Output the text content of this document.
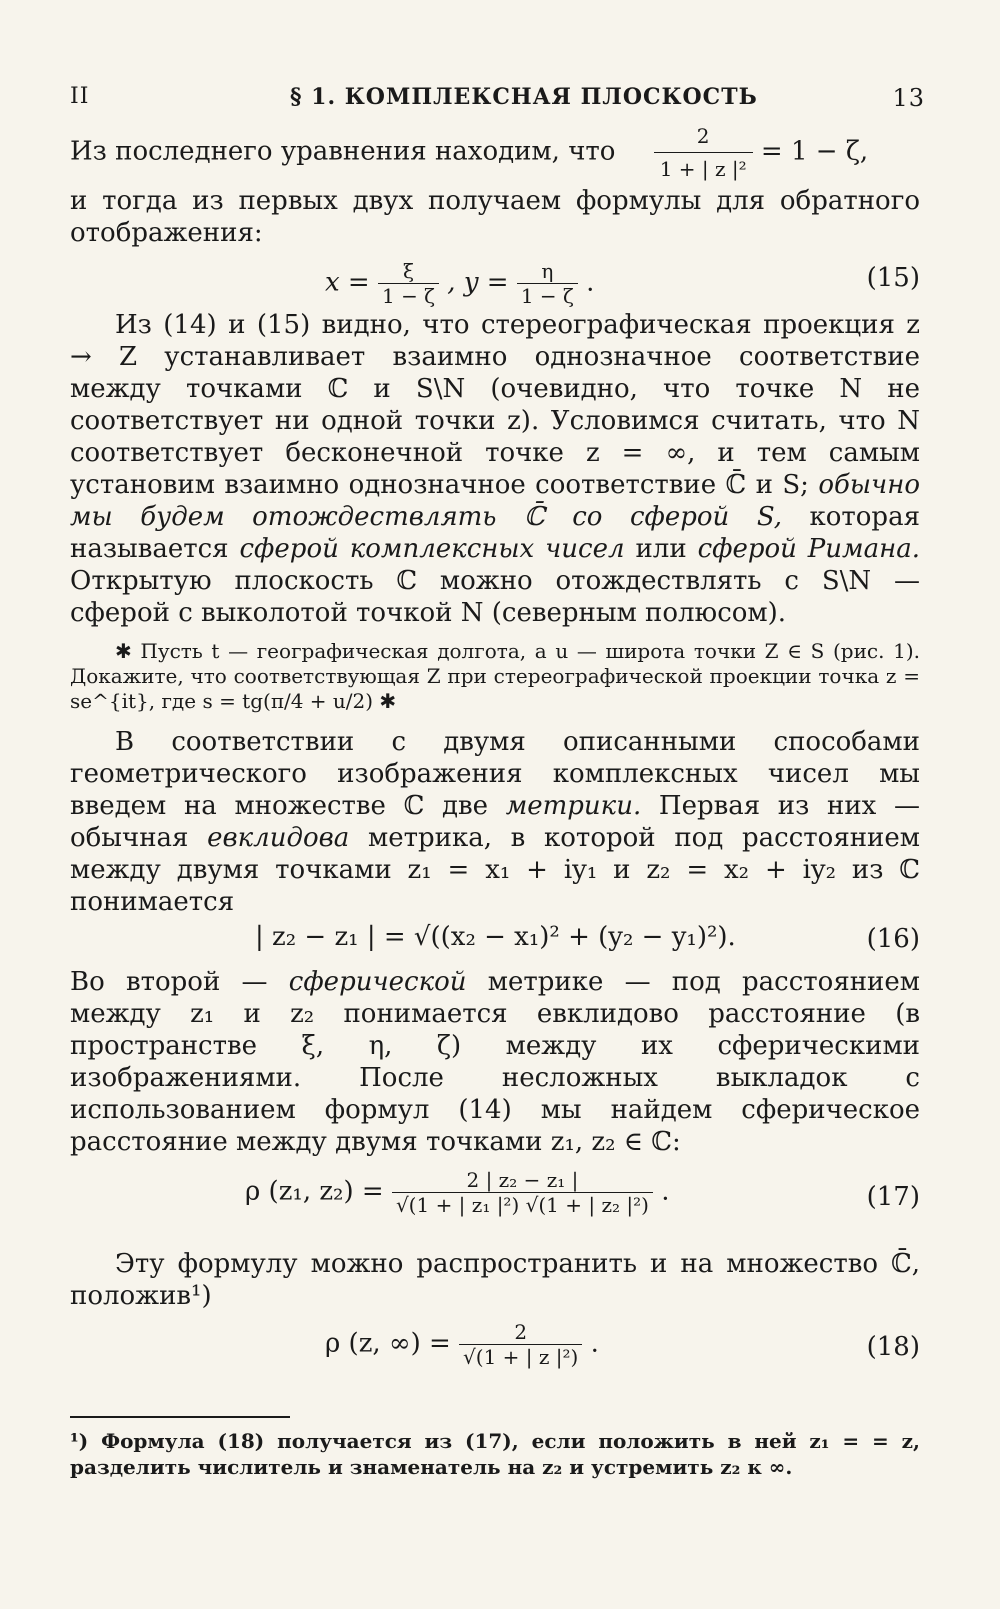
II	§ 1. КОМПЛЕКСНАЯ ПЛОСКОСТЬ	13

Из последнего уравнения находим, что $\frac{2}{\text{1 + | z |²}} = 1 - \zeta$,

и тогда из первых двух получаем формулы для обратного отображения:

$x = \frac{\xi}{1 - \zeta}$ , $y = \frac{\eta}{1 - \zeta}$ .	(15)

Из (14) и (15) видно, что стереографическая проекция z → Z устанавливает взаимно однозначное соответствие между точками ℂ и S\N (очевидно, что точке N не соответствует ни одной точки z). Условимся считать, что N соответствует бесконечной точке z = ∞, и тем самым установим взаимно однозначное соответствие ℂ̄ и S; обычно мы будем отождествлять ℂ̄ со сферой S, которая называется сферой комплексных чисел или сферой Римана. Открытую плоскость ℂ можно отождествлять с S\N — сферой с выколотой точкой N (северным полюсом).

✱ Пусть t — географическая долгота, а u — широта точки Z ∈ S (рис. 1). Докажите, что соответствующая Z при стереографической проекции точка z = se^{it}, где s = tg(π/4 + u/2) ✱

В соответствии с двумя описанными способами геометрического изображения комплексных чисел мы введем на множестве ℂ две метрики. Первая из них — обычная евклидова метрика, в которой под расстоянием между двумя точками z₁ = x₁ + iy₁ и z₂ = x₂ + iy₂ из ℂ понимается

| z₂ − z₁ | = √((x₂ − x₁)² + (y₂ − y₁)²).	(16)

Во второй — сферической метрике — под расстоянием между z₁ и z₂ понимается евклидово расстояние (в пространстве ξ, η, ζ) между их сферическими изображениями. После несложных выкладок с использованием формул (14) мы найдем сферическое расстояние между двумя точками z₁, z₂ ∈ ℂ:

ρ (z₁, $z_2) = \frac{\text{2 | z₂ − z₁ |}}{\text{√(1 + | z₁ |²) √(1 + | z₂ |²)}}$ .	(17)

Эту формулу можно распространить и на множество ℂ̄, положив¹)

ρ (z, ∞) = $\frac{2}{\text{√(1 + | z |²)}}$ .	(18)

¹) Формула (18) получается из (17), если положить в ней z₁ = = z, разделить числитель и знаменатель на z₂ и устремить z₂ к ∞.
